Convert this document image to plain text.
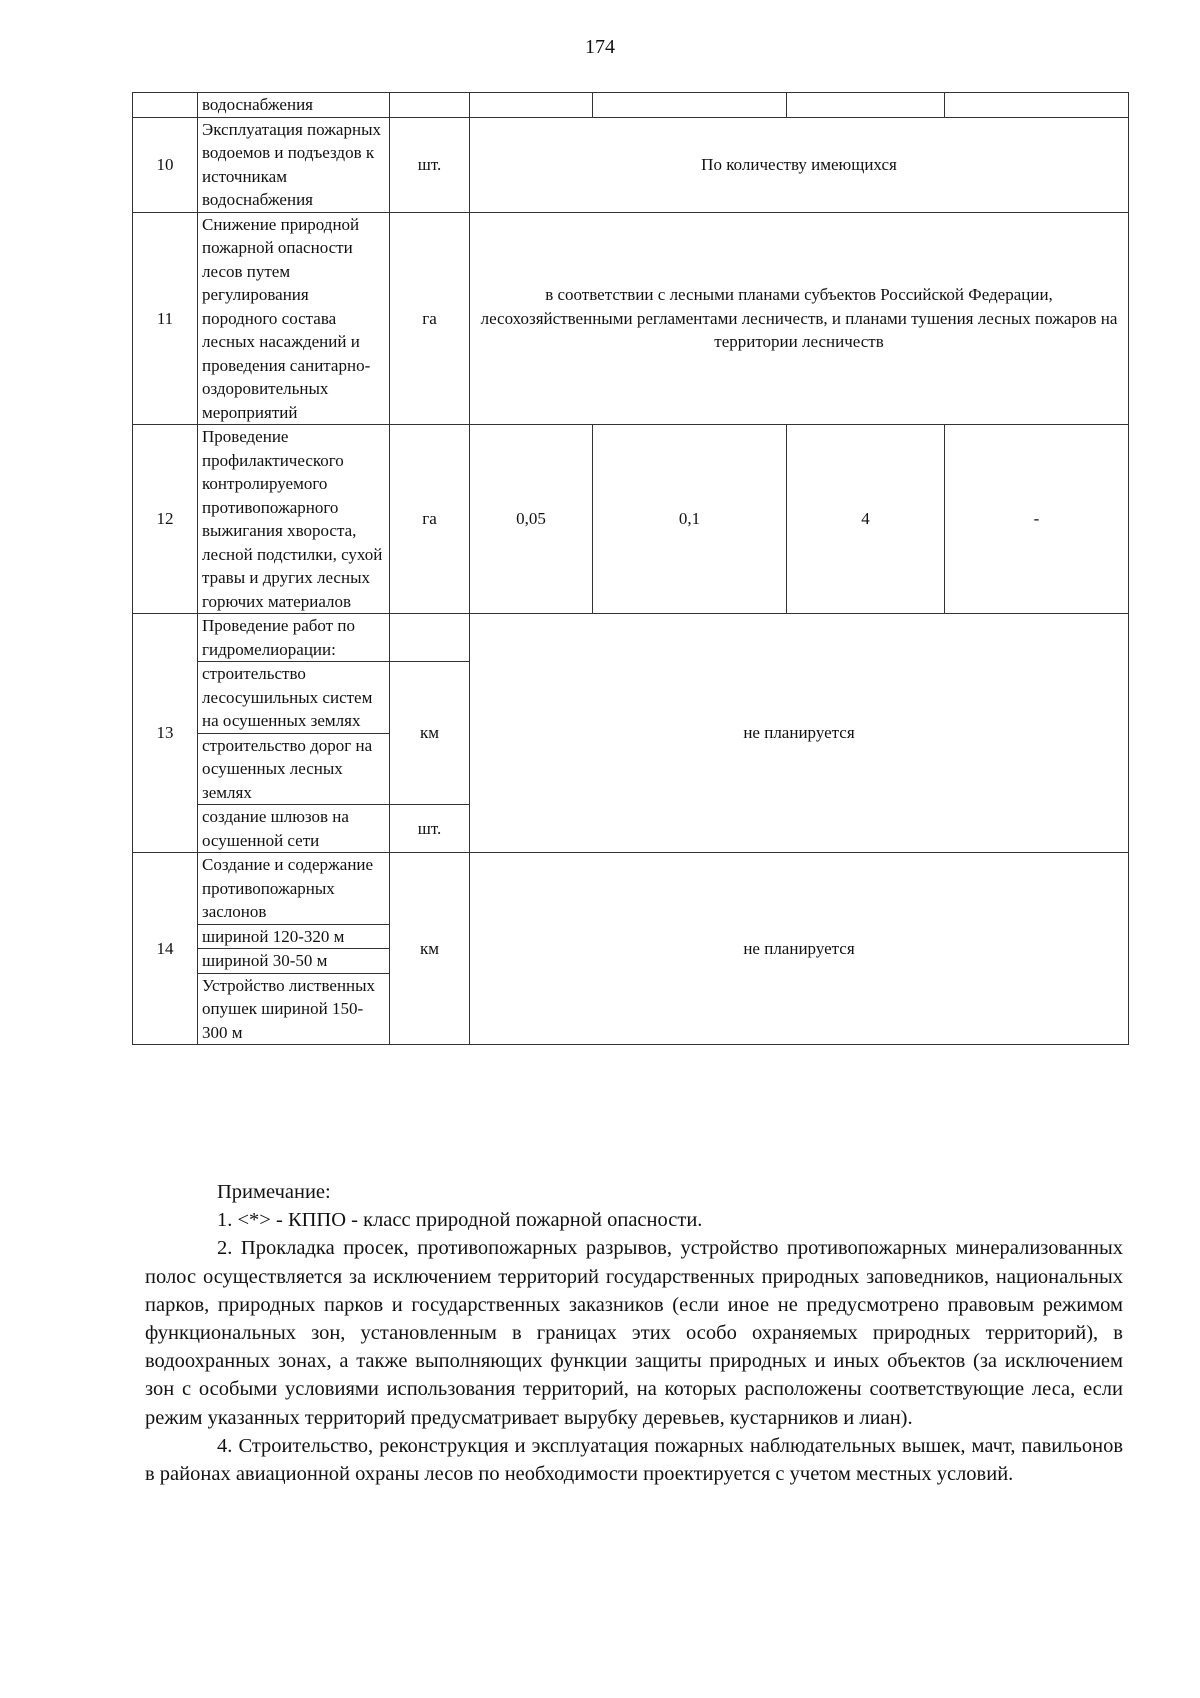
174
	водоснабжения					
10	Эксплуатация пожарных водоемов и подъездов к источникам водоснабжения	шт.	По количеству имеющихся			
11	Снижение природной пожарной опасности лесов путем регулирования породного состава лесных насаждений и проведения санитарно-оздоровительных мероприятий	га	в соответствии с лесными планами субъектов Российской Федерации, лесохозяйственными регламентами лесничеств, и планами тушения лесных пожаров на территории лесничеств			
12	Проведение профилактического контролируемого противопожарного выжигания хвороста, лесной подстилки, сухой травы и других лесных горючих материалов	га	0,05	0,1	4	-
13	Проведение работ по гидромелиорации:		не планируется			
	строительство лесосушильных систем на осушенных землях	км				
	строительство дорог на осушенных лесных землях					
	создание шлюзов на осушенной сети	шт.				
14	Создание и содержание противопожарных заслонов	км	не планируется			
	шириной 120-320 м					
	шириной 30-50 м					
	Устройство лиственных опушек шириной 150-300 м					

Примечание:

1. <*> - КППО - класс природной пожарной опасности.

2. Прокладка просек, противопожарных разрывов, устройство противопожарных минерализованных полос осуществляется за исключением территорий государственных природных заповедников, национальных парков, природных парков и государственных заказников (если иное не предусмотрено правовым режимом функциональных зон, установленным в границах этих особо охраняемых природных территорий), в водоохранных зонах, а также выполняющих функции защиты природных и иных объектов (за исключением зон с особыми условиями использования территорий, на которых расположены соответствующие леса, если режим указанных территорий предусматривает вырубку деревьев, кустарников и лиан).

4. Строительство, реконструкция и эксплуатация пожарных наблюдательных вышек, мачт, павильонов в районах авиационной охраны лесов по необходимости проектируется с учетом местных условий.
